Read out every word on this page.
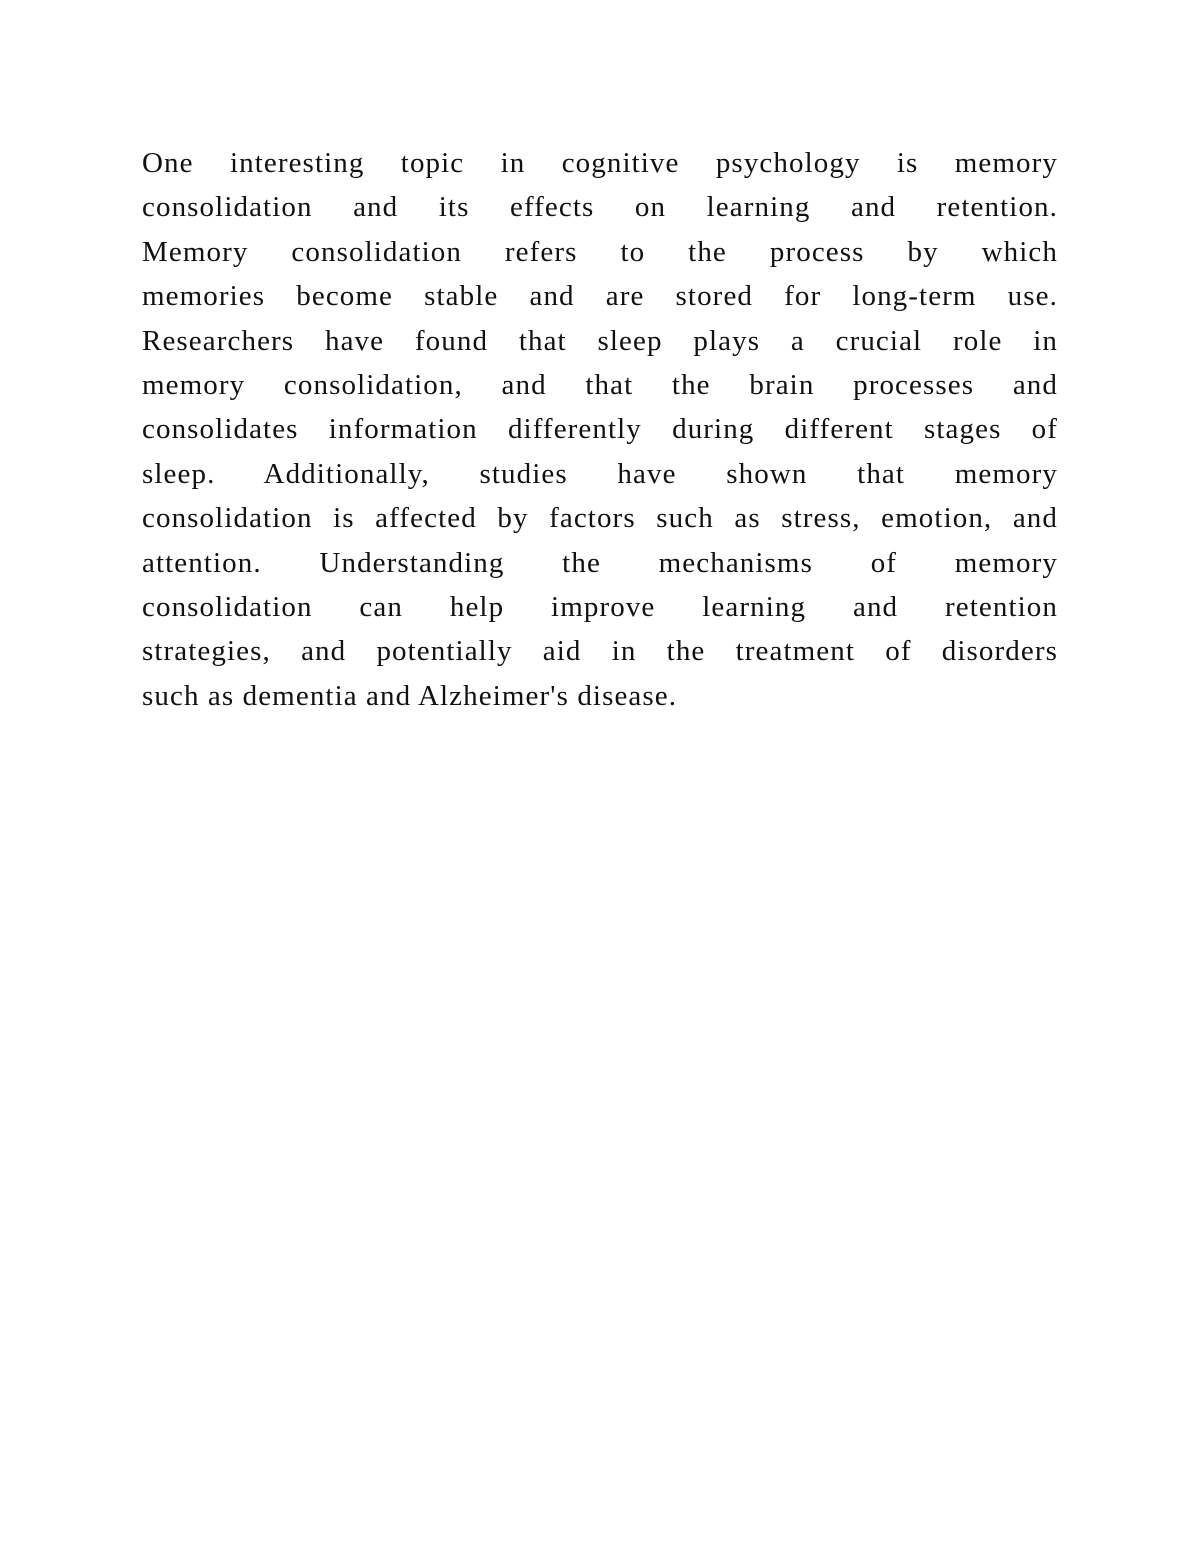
One interesting topic in cognitive psychology is memory
consolidation and its effects on learning and retention.
Memory consolidation refers to the process by which
memories become stable and are stored for long-term use.
Researchers have found that sleep plays a crucial role in
memory consolidation, and that the brain processes and
consolidates information differently during different stages of
sleep. Additionally, studies have shown that memory
consolidation is affected by factors such as stress, emotion, and
attention. Understanding the mechanisms of memory
consolidation can help improve learning and retention
strategies, and potentially aid in the treatment of disorders
such as dementia and Alzheimer's disease.
